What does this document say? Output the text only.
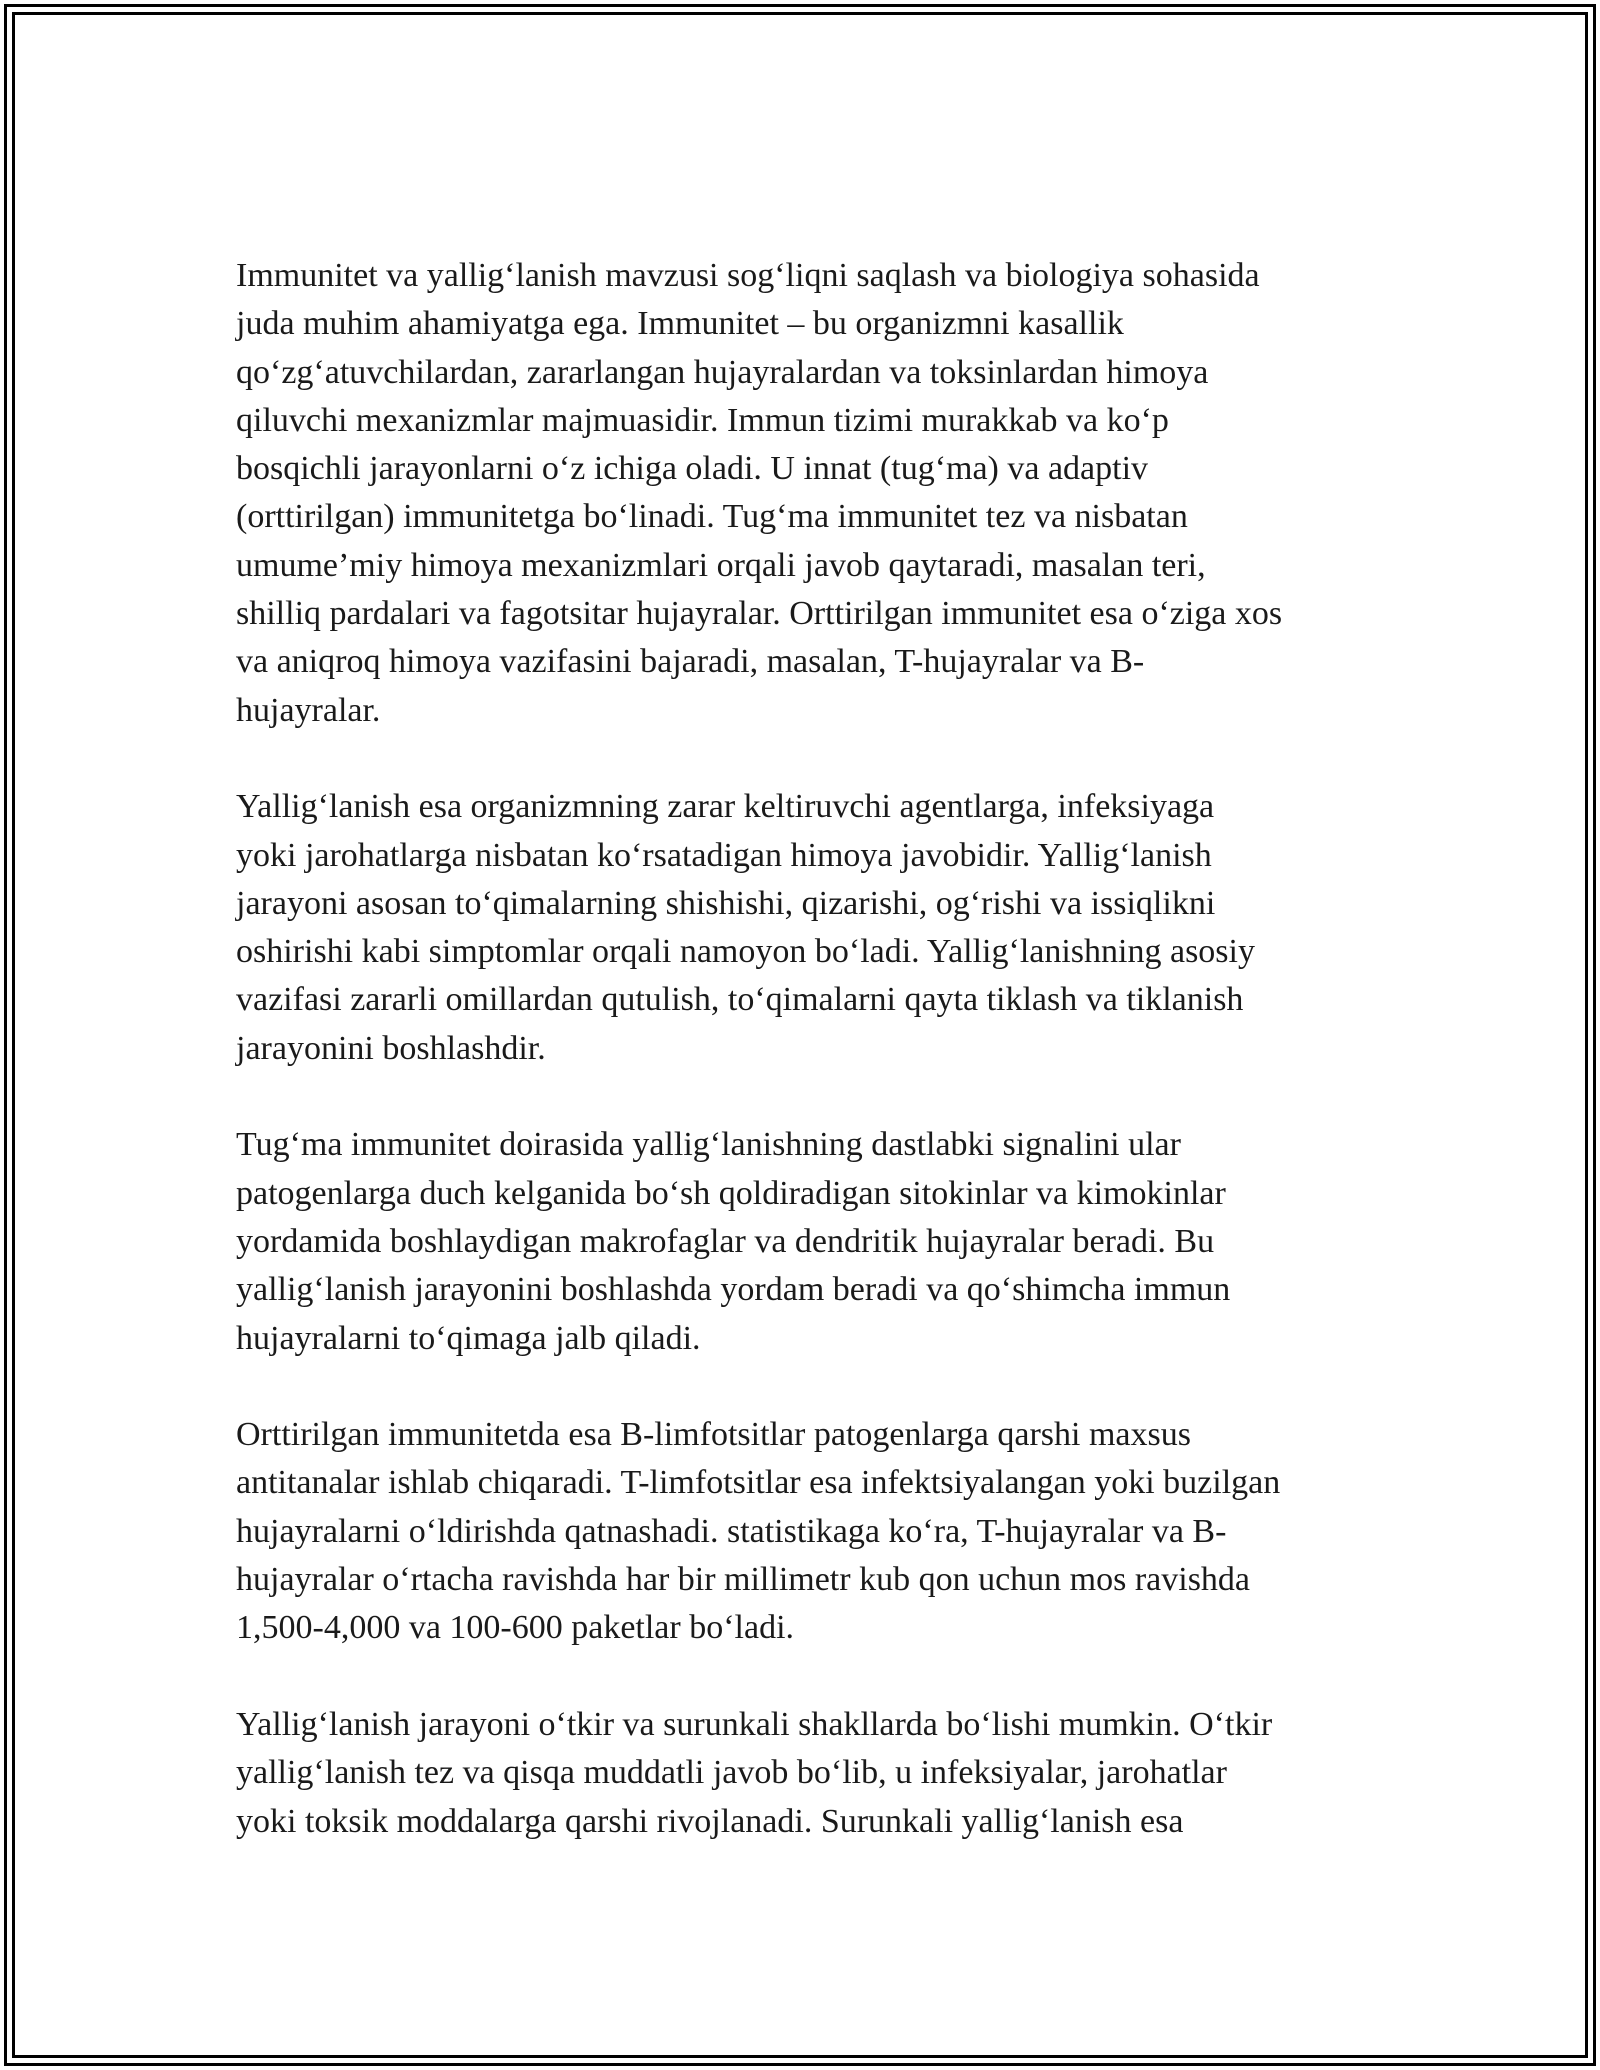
Immunitet va yallig‘lanish mavzusi sog‘liqni saqlash va biologiya sohasida
juda muhim ahamiyatga ega. Immunitet – bu organizmni kasallik
qo‘zg‘atuvchilardan, zararlangan hujayralardan va toksinlardan himoya
qiluvchi mexanizmlar majmuasidir. Immun tizimi murakkab va ko‘p
bosqichli jarayonlarni o‘z ichiga oladi. U innat (tug‘ma) va adaptiv
(orttirilgan) immunitetga bo‘linadi. Tug‘ma immunitet tez va nisbatan
umume’miy himoya mexanizmlari orqali javob qaytaradi, masalan teri,
shilliq pardalari va fagotsitar hujayralar. Orttirilgan immunitet esa o‘ziga xos
va aniqroq himoya vazifasini bajaradi, masalan, T-hujayralar va B-
hujayralar.

Yallig‘lanish esa organizmning zarar keltiruvchi agentlarga, infeksiyaga
yoki jarohatlarga nisbatan ko‘rsatadigan himoya javobidir. Yallig‘lanish
jarayoni asosan to‘qimalarning shishishi, qizarishi, og‘rishi va issiqlikni
oshirishi kabi simptomlar orqali namoyon bo‘ladi. Yallig‘lanishning asosiy
vazifasi zararli omillardan qutulish, to‘qimalarni qayta tiklash va tiklanish
jarayonini boshlashdir.

Tug‘ma immunitet doirasida yallig‘lanishning dastlabki signalini ular
patogenlarga duch kelganida bo‘sh qoldiradigan sitokinlar va kimokinlar
yordamida boshlaydigan makrofaglar va dendritik hujayralar beradi. Bu
yallig‘lanish jarayonini boshlashda yordam beradi va qo‘shimcha immun
hujayralarni to‘qimaga jalb qiladi.

Orttirilgan immunitetda esa B-limfotsitlar patogenlarga qarshi maxsus
antitanalar ishlab chiqaradi. T-limfotsitlar esa infektsiyalangan yoki buzilgan
hujayralarni o‘ldirishda qatnashadi. statistikaga ko‘ra, T-hujayralar va B-
hujayralar o‘rtacha ravishda har bir millimetr kub qon uchun mos ravishda
1,500-4,000 va 100-600 paketlar bo‘ladi.

Yallig‘lanish jarayoni o‘tkir va surunkali shakllarda bo‘lishi mumkin. O‘tkir
yallig‘lanish tez va qisqa muddatli javob bo‘lib, u infeksiyalar, jarohatlar
yoki toksik moddalarga qarshi rivojlanadi. Surunkali yallig‘lanish esa
